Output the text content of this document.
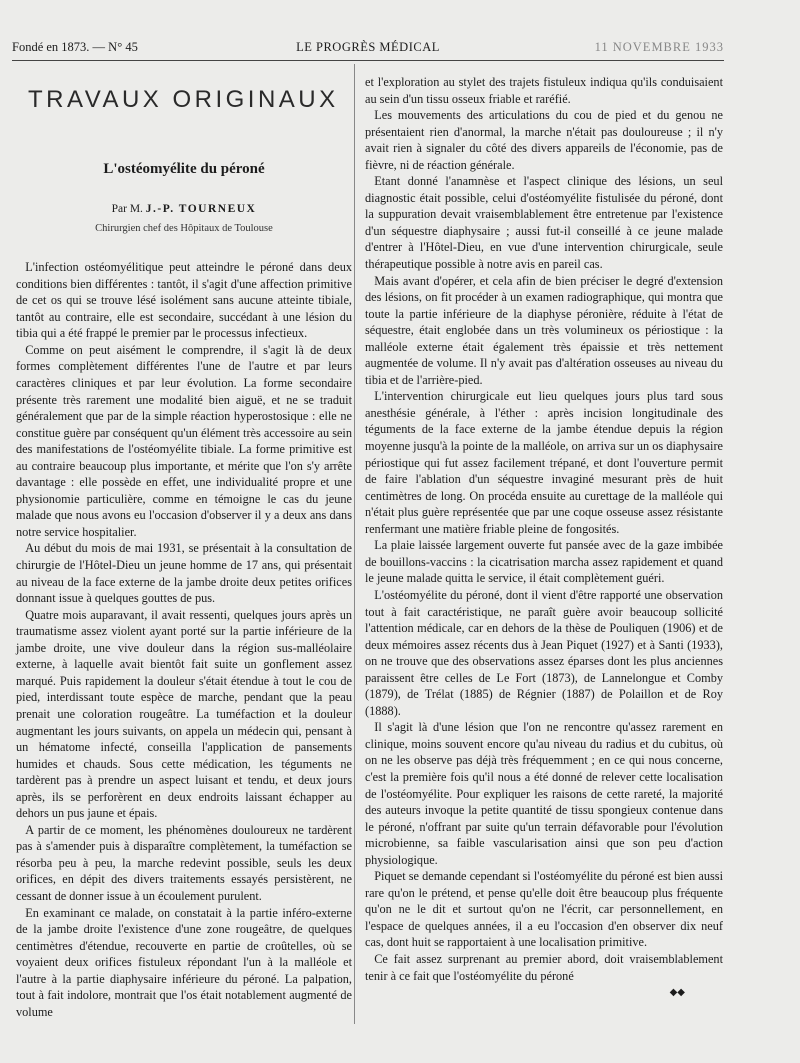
Fondé en 1873. — N° 45	LE PROGRÈS MÉDICAL	11 NOVEMBRE 1933
TRAVAUX ORIGINAUX
L'ostéomyélite du péroné
Par M. J.-P. TOURNEUX
Chirurgien chef des Hôpitaux de Toulouse

L'infection ostéomyélitique peut atteindre le péroné dans deux conditions bien différentes : tantôt, il s'agit d'une affection primitive de cet os qui se trouve lésé isolément sans aucune atteinte tibiale, tantôt au contraire, elle est secondaire, succédant à une lésion du tibia qui a été frappé le premier par le processus infectieux.

Comme on peut aisément le comprendre, il s'agit là de deux formes complètement différentes l'une de l'autre et par leurs caractères cliniques et par leur évolution. La forme secondaire présente très rarement une modalité bien aiguë, et ne se traduit généralement que par de la simple réaction hyperostosique : elle ne constitue guère par conséquent qu'un élément très accessoire au sein des manifestations de l'ostéomyélite tibiale. La forme primitive est au contraire beaucoup plus importante, et mérite que l'on s'y arrête davantage : elle possède en effet, une individualité propre et une physionomie particulière, comme en témoigne le cas du jeune malade que nous avons eu l'occasion d'observer il y a deux ans dans notre service hospitalier.

Au début du mois de mai 1931, se présentait à la consultation de chirurgie de l'Hôtel-Dieu un jeune homme de 17 ans, qui présentait au niveau de la face externe de la jambe droite deux petites orifices donnant issue à quelques gouttes de pus.

Quatre mois auparavant, il avait ressenti, quelques jours après un traumatisme assez violent ayant porté sur la partie inférieure de la jambe droite, une vive douleur dans la région sus-malléolaire externe, à laquelle avait bientôt fait suite un gonflement assez marqué. Puis rapidement la douleur s'était étendue à tout le cou de pied, interdissant toute espèce de marche, pendant que la peau prenait une coloration rougeâtre. La tuméfaction et la douleur augmentant les jours suivants, on appela un médecin qui, pensant à un hématome infecté, conseilla l'application de pansements humides et chauds. Sous cette médication, les téguments ne tardèrent pas à prendre un aspect luisant et tendu, et deux jours après, ils se perforèrent en deux endroits laissant échapper au dehors un pus jaune et épais.

A partir de ce moment, les phénomènes douloureux ne tardèrent pas à s'amender puis à disparaître complètement, la tuméfaction se résorba peu à peu, la marche redevint possible, seuls les deux orifices, en dépit des divers traitements essayés persistèrent, ne cessant de donner issue à un écoulement purulent.

En examinant ce malade, on constatait à la partie inféro-externe de la jambe droite l'existence d'une zone rougeâtre, de quelques centimètres d'étendue, recouverte en partie de croûtelles, où se voyaient deux orifices fistuleux répondant l'un à la malléole et l'autre à la partie diaphysaire inférieure du péroné. La palpation, tout à fait indolore, montrait que l'os était notablement augmenté de volume

et l'exploration au stylet des trajets fistuleux indiqua qu'ils conduisaient au sein d'un tissu osseux friable et raréfié.

Les mouvements des articulations du cou de pied et du genou ne présentaient rien d'anormal, la marche n'était pas douloureuse ; il n'y avait rien à signaler du côté des divers appareils de l'économie, pas de fièvre, ni de réaction générale.

Etant donné l'anamnèse et l'aspect clinique des lésions, un seul diagnostic était possible, celui d'ostéomyélite fistulisée du péroné, dont la suppuration devait vraisemblablement être entretenue par l'existence d'un séquestre diaphysaire ; aussi fut-il conseillé à ce jeune malade d'entrer à l'Hôtel-Dieu, en vue d'une intervention chirurgicale, seule thérapeutique possible à notre avis en pareil cas.

Mais avant d'opérer, et cela afin de bien préciser le degré d'extension des lésions, on fit procéder à un examen radiographique, qui montra que toute la partie inférieure de la diaphyse péronière, réduite à l'état de séquestre, était englobée dans un très volumineux os périostique : la malléole externe était également très épaissie et très nettement augmentée de volume. Il n'y avait pas d'altération osseuses au niveau du tibia et de l'arrière-pied.

L'intervention chirurgicale eut lieu quelques jours plus tard sous anesthésie générale, à l'éther : après incision longitudinale des téguments de la face externe de la jambe étendue depuis la région moyenne jusqu'à la pointe de la malléole, on arriva sur un os diaphysaire périostique qui fut assez facilement trépané, et dont l'ouverture permit de faire l'ablation d'un séquestre invaginé mesurant près de huit centimètres de long. On procéda ensuite au curettage de la malléole qui n'était plus guère représentée que par une coque osseuse assez résistante renfermant une matière friable pleine de fongosités.

La plaie laissée largement ouverte fut pansée avec de la gaze imbibée de bouillons-vaccins : la cicatrisation marcha assez rapidement et quand le jeune malade quitta le service, il était complètement guéri.

L'ostéomyélite du péroné, dont il vient d'être rapporté une observation tout à fait caractéristique, ne paraît guère avoir beaucoup sollicité l'attention médicale, car en dehors de la thèse de Pouliquen (1906) et de deux mémoires assez récents dus à Jean Piquet (1927) et à Santi (1933), on ne trouve que des observations assez éparses dont les plus anciennes paraissent être celles de Le Fort (1873), de Lannelongue et Comby (1879), de Trélat (1885) de Régnier (1887) de Polaillon et de Roy (1888).

Il s'agit là d'une lésion que l'on ne rencontre qu'assez rarement en clinique, moins souvent encore qu'au niveau du radius et du cubitus, où on ne les observe pas déjà très fréquemment ; en ce qui nous concerne, c'est la première fois qu'il nous a été donné de relever cette localisation de l'ostéomyélite. Pour expliquer les raisons de cette rareté, la majorité des auteurs invoque la petite quantité de tissu spongieux contenue dans le péroné, n'offrant par suite qu'un terrain défavorable pour l'évolution microbienne, sa faible vascularisation ainsi que son peu d'action physiologique.

Piquet se demande cependant si l'ostéomyélite du péroné est bien aussi rare qu'on le prétend, et pense qu'elle doit être beaucoup plus fréquente qu'on ne le dit et surtout qu'on ne l'écrit, car personnellement, en l'espace de quelques années, il a eu l'occasion d'en observer dix neuf cas, dont huit se rapportaient à une localisation primitive.

Ce fait assez surprenant au premier abord, doit vraisemblablement tenir à ce fait que l'ostéomyélite du péroné

◆◆
